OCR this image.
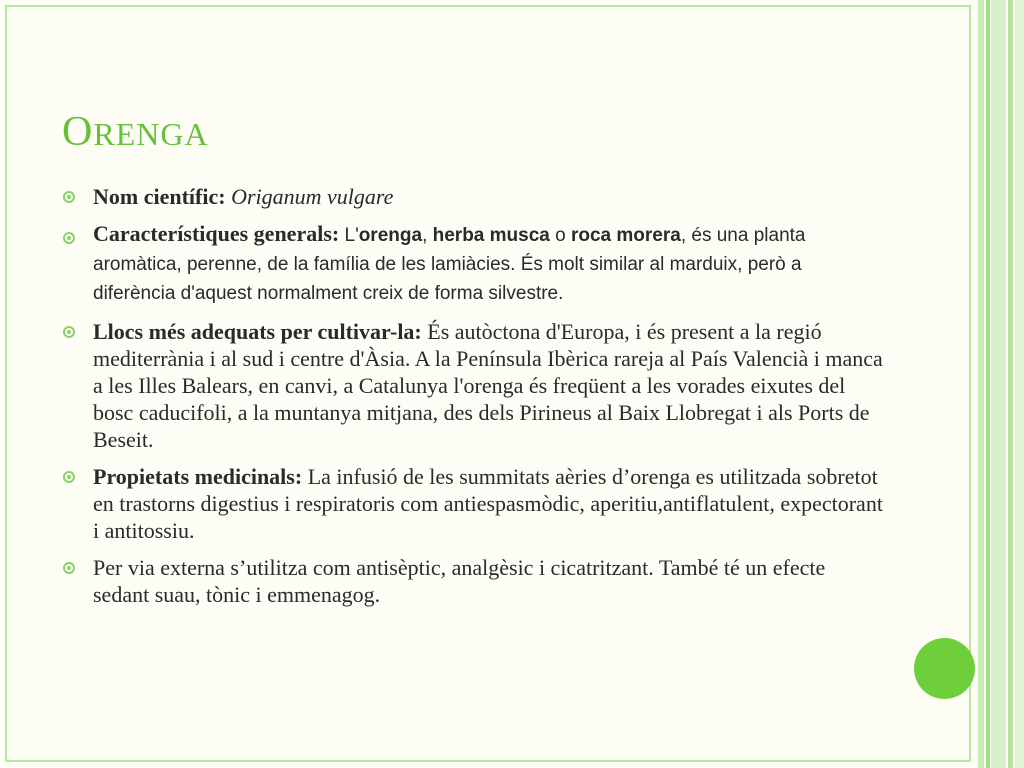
ORENGA
Nom científic: Origanum vulgare
Característiques generals: L'orenga, herba musca o roca morera, és una planta aromàtica, perenne, de la família de les lamiàcies. És molt similar al marduix, però a diferència d'aquest normalment creix de forma silvestre.
Llocs més adequats per cultivar-la: És autòctona d'Europa, i és present a la regió mediterrània i al sud i centre d'Àsia. A la Península Ibèrica rareja al País Valencià i manca a les Illes Balears, en canvi, a Catalunya l'orenga és freqüent a les vorades eixutes del bosc caducifoli, a la muntanya mitjana, des dels Pirineus al Baix Llobregat i als Ports de Beseit.
Propietats medicinals: La infusió de les summitats aèries d’orenga es utilitzada sobretot en trastorns digestius i respiratoris com antiespasmòdic, aperitiu,antiflatulent, expectorant i antitossiu.
Per via externa s’utilitza com antisèptic, analgèsic i cicatritzant. També té un efecte sedant suau, tònic i emmenagog.
